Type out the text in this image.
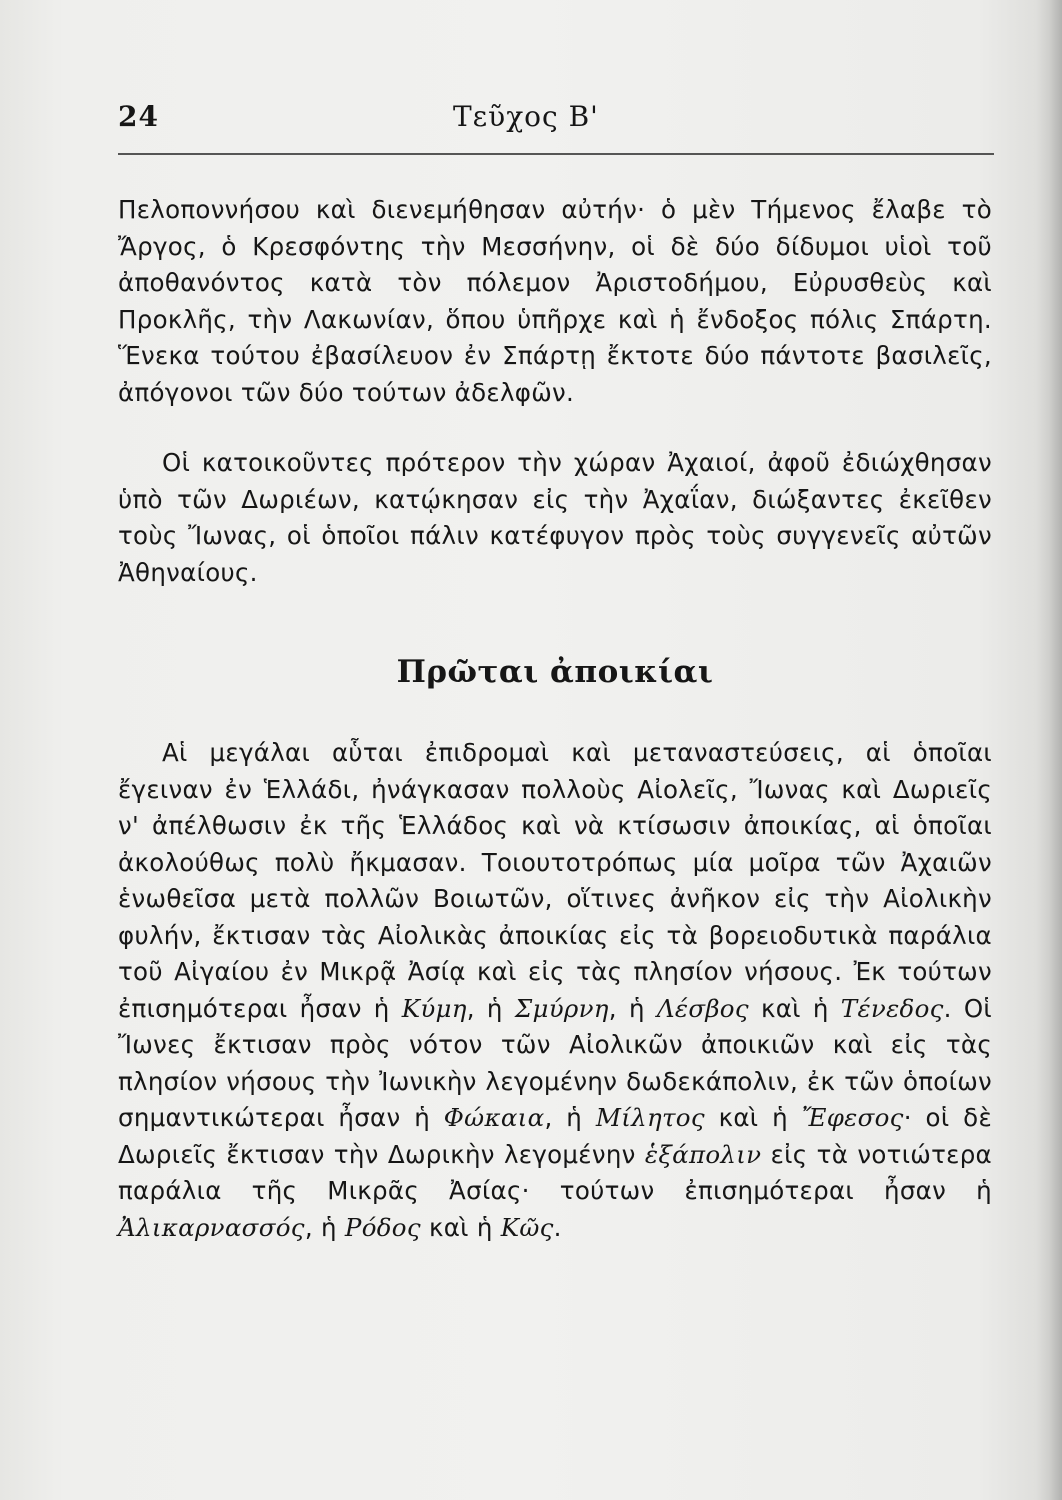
24	Τεῦχος Β'

Πελοποννήσου καὶ διενεμήθησαν αὐτήν· ὁ μὲν Τήμενος ἔλαβε τὸ Ἄργος, ὁ Κρεσφόντης τὴν Μεσσήνην, οἱ δὲ δύο δίδυμοι υἱοὶ τοῦ ἀποθανόντος κατὰ τὸν πόλεμον Ἀριστοδήμου, Εὐρυσθεὺς καὶ Προκλῆς, τὴν Λακωνίαν, ὅπου ὑπῆρχε καὶ ἡ ἔνδοξος πόλις Σπάρτη. Ἕνεκα τούτου ἐβασίλευον ἐν Σπάρτῃ ἔκτοτε δύο πάντοτε βασιλεῖς, ἀπόγονοι τῶν δύο τούτων ἀδελφῶν.

Οἱ κατοικοῦντες πρότερον τὴν χώραν Ἀχαιοί, ἀφοῦ ἐδιώχθησαν ὑπὸ τῶν Δωριέων, κατῴκησαν εἰς τὴν Ἀχαΐαν, διώξαντες ἐκεῖθεν τοὺς Ἴωνας, οἱ ὁποῖοι πάλιν κατέφυγον πρὸς τοὺς συγγενεῖς αὐτῶν Ἀθηναίους.

Πρῶται ἀποικίαι

Αἱ μεγάλαι αὗται ἐπιδρομαὶ καὶ μεταναστεύσεις, αἱ ὁποῖαι ἔγειναν ἐν Ἑλλάδι, ἠνάγκασαν πολλοὺς Αἰολεῖς, Ἴωνας καὶ Δωριεῖς ν' ἀπέλθωσιν ἐκ τῆς Ἑλλάδος καὶ νὰ κτίσωσιν ἀποικίας, αἱ ὁποῖαι ἀκολούθως πολὺ ἤκμασαν. Τοιουτοτρόπως μία μοῖρα τῶν Ἀχαιῶν ἑνωθεῖσα μετὰ πολλῶν Βοιωτῶν, οἵτινες ἀνῆκον εἰς τὴν Αἰολικὴν φυλήν, ἔκτισαν τὰς Αἰολικὰς ἀποικίας εἰς τὰ βορειοδυτικὰ παράλια τοῦ Αἰγαίου ἐν Μικρᾷ Ἀσίᾳ καὶ εἰς τὰς πλησίον νήσους. Ἐκ τούτων ἐπισημότεραι ἦσαν ἡ Κύμη, ἡ Σμύρνη, ἡ Λέσβος καὶ ἡ Τένεδος. Οἱ Ἴωνες ἔκτισαν πρὸς νότον τῶν Αἰολικῶν ἀποικιῶν καὶ εἰς τὰς πλησίον νήσους τὴν Ἰωνικὴν λεγομένην δωδεκάπολιν, ἐκ τῶν ὁποίων σημαντικώτεραι ἦσαν ἡ Φώκαια, ἡ Μίλητος καὶ ἡ Ἔφεσος· οἱ δὲ Δωριεῖς ἔκτισαν τὴν Δωρικὴν λεγομένην ἑξάπολιν εἰς τὰ νοτιώτερα παράλια τῆς Μικρᾶς Ἀσίας· τούτων ἐπισημότεραι ἦσαν ἡ Ἀλικαρνασσός, ἡ Ρόδος καὶ ἡ Κῶς.
